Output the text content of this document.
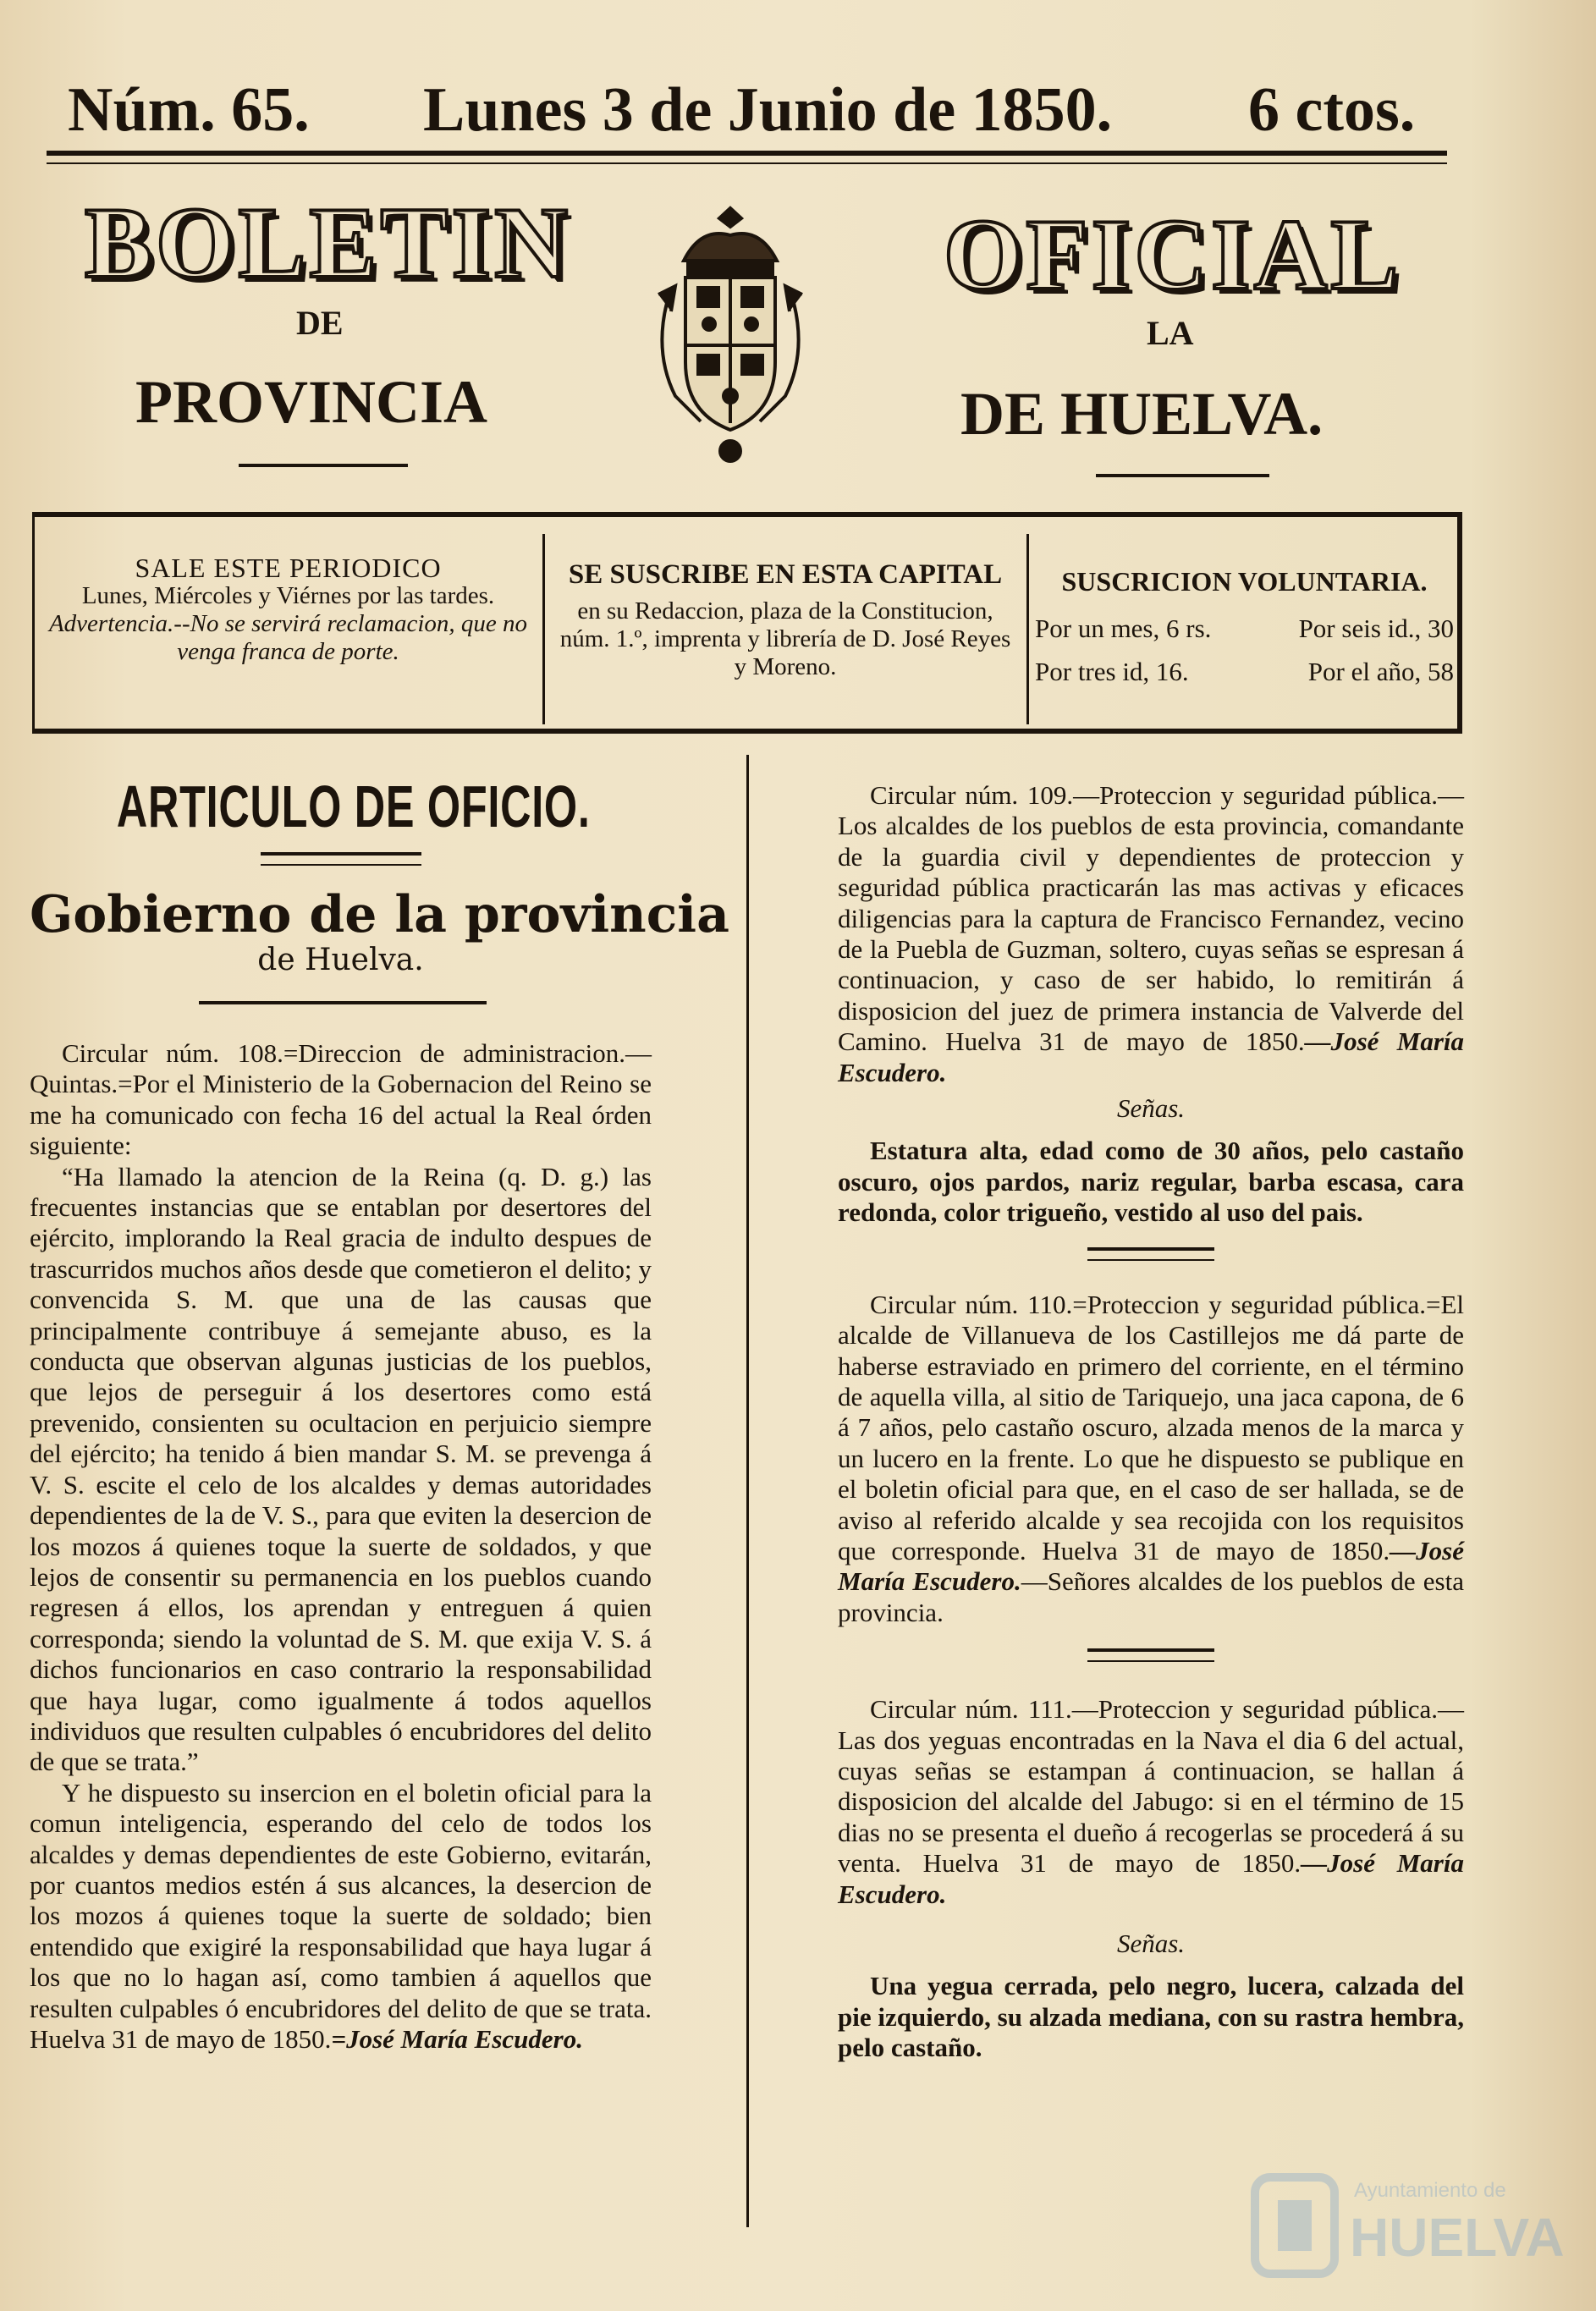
Núm. 65. Lunes 3 de Junio de 1850. 6 ctos.
BOLETIN	OFICIAL
DE	LA
PROVINCIA	DE HUELVA.
SALE ESTE PERIODICO
Lunes, Miércoles y Viérnes por las tardes.
Advertencia.--No se servirá reclamacion, que no venga franca de porte.
SE SUSCRIBE EN ESTA CAPITAL
en su Redaccion, plaza de la Constitucion, núm. 1.º, imprenta y librería de D. José Reyes y Moreno.
SUSCRICION VOLUNTARIA.
Por un mes, 6 rs.	Por seis id., 30
Por tres id, 16.	Por el año, 58
ARTICULO DE OFICIO.
Gobierno de la provincia
de Huelva.

Circular núm. 108.=Direccion de administracion.—Quintas.=Por el Ministerio de la Gobernacion del Reino se me ha comunicado con fecha 16 del actual la Real órden siguiente:

“Ha llamado la atencion de la Reina (q. D. g.) las frecuentes instancias que se entablan por desertores del ejército, implorando la Real gracia de indulto despues de trascurridos muchos años desde que cometieron el delito; y convencida S. M. que una de las causas que principalmente contribuye á semejante abuso, es la conducta que observan algunas justicias de los pueblos, que lejos de perseguir á los desertores como está prevenido, consienten su ocultacion en perjuicio siempre del ejército; ha tenido á bien mandar S. M. se prevenga á V. S. escite el celo de los alcaldes y demas autoridades dependientes de la de V. S., para que eviten la desercion de los mozos á quienes toque la suerte de soldados, y que lejos de consentir su permanencia en los pueblos cuando regresen á ellos, los aprendan y entreguen á quien corresponda; siendo la voluntad de S. M. que exija V. S. á dichos funcionarios en caso contrario la responsabilidad que haya lugar, como igualmente á todos aquellos individuos que resulten culpables ó encubridores del delito de que se trata.”

Y he dispuesto su insercion en el boletin oficial para la comun inteligencia, esperando del celo de todos los alcaldes y demas dependientes de este Gobierno, evitarán, por cuantos medios estén á sus alcances, la desercion de los mozos á quienes toque la suerte de soldado; bien entendido que exigiré la responsabilidad que haya lugar á los que no lo hagan así, como tambien á aquellos que resulten culpables ó encubridores del delito de que se trata. Huelva 31 de mayo de 1850.=José María Escudero.

Circular núm. 109.—Proteccion y seguridad pública.—Los alcaldes de los pueblos de esta provincia, comandante de la guardia civil y dependientes de proteccion y seguridad pública practicarán las mas activas y eficaces diligencias para la captura de Francisco Fernandez, vecino de la Puebla de Guzman, soltero, cuyas señas se espresan á continuacion, y caso de ser habido, lo remitirán á disposicion del juez de primera instancia de Valverde del Camino. Huelva 31 de mayo de 1850.—José María Escudero.

Señas.

Estatura alta, edad como de 30 años, pelo castaño oscuro, ojos pardos, nariz regular, barba escasa, cara redonda, color trigueño, vestido al uso del pais.

Circular núm. 110.=Proteccion y seguridad pública.=El alcalde de Villanueva de los Castillejos me dá parte de haberse estraviado en primero del corriente, en el término de aquella villa, al sitio de Tariquejo, una jaca capona, de 6 á 7 años, pelo castaño oscuro, alzada menos de la marca y un lucero en la frente. Lo que he dispuesto se publique en el boletin oficial para que, en el caso de ser hallada, se de aviso al referido alcalde y sea recojida con los requisitos que corresponde. Huelva 31 de mayo de 1850.—José María Escudero.—Señores alcaldes de los pueblos de esta provincia.

Circular núm. 111.—Proteccion y seguridad pública.—Las dos yeguas encontradas en la Nava el dia 6 del actual, cuyas señas se estampan á continuacion, se hallan á disposicion del alcalde del Jabugo: si en el término de 15 dias no se presenta el dueño á recogerlas se procederá á su venta. Huelva 31 de mayo de 1850.—José María Escudero.

Señas.

Una yegua cerrada, pelo negro, lucera, calzada del pie izquierdo, su alzada mediana, con su rastra hembra, pelo castaño.

Ayuntamiento de
HUELVA
